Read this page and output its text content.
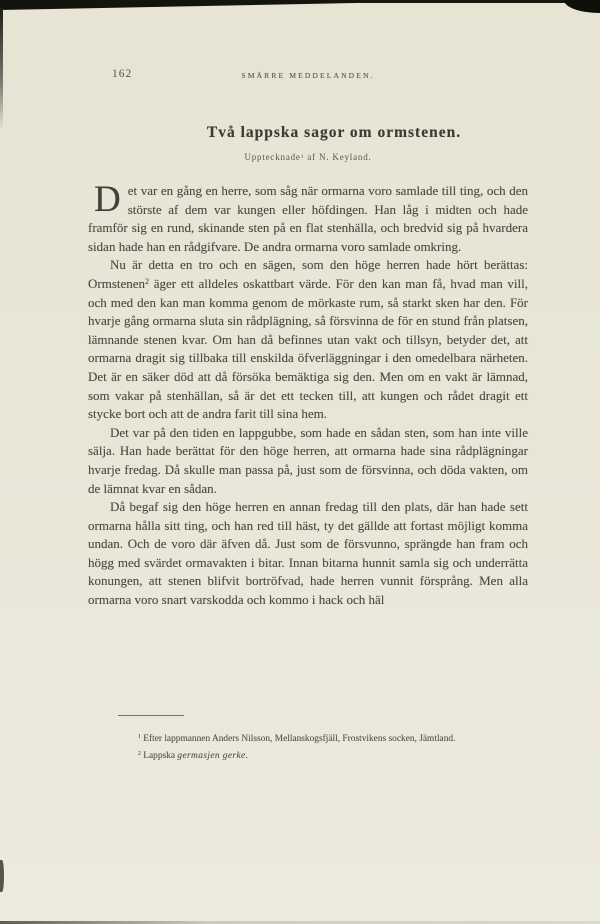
162	SMÄRRE MEDDELANDEN.
Två lappska sagor om ormstenen.
Upptecknade$^1$ af N. Keyland.

Det var en gång en herre, som såg när ormarna voro samlade till ting, och den störste af dem var kungen eller höfdingen. Han låg i midten och hade framför sig en rund, skinande sten på en flat stenhälla, och bredvid sig på hvardera sidan hade han en rådgifvare. De andra ormarna voro samlade omkring.

Nu är detta en tro och en sägen, som den höge herren hade hört berättas: Ormstenen$^2$ äger ett alldeles oskattbart värde. För den kan man få, hvad man vill, och med den kan man komma genom de mörkaste rum, så starkt sken har den. För hvarje gång ormarna sluta sin rådplägning, så försvinna de för en stund från platsen, lämnande stenen kvar. Om han då befinnes utan vakt och tillsyn, betyder det, att ormarna dragit sig tillbaka till enskilda öfverläggningar i den omedelbara närheten. Det är en säker död att då försöka bemäktiga sig den. Men om en vakt är lämnad, som vakar på stenhällan, så är det ett tecken till, att kungen och rådet dragit ett stycke bort och att de andra farit till sina hem.

Det var på den tiden en lappgubbe, som hade en sådan sten, som han inte ville sälja. Han hade berättat för den höge herren, att ormarna hade sina rådplägningar hvarje fredag. Då skulle man passa på, just som de försvinna, och döda vakten, om de lämnat kvar en sådan.

Då begaf sig den höge herren en annan fredag till den plats, där han hade sett ormarna hålla sitt ting, och han red till häst, ty det gällde att fortast möjligt komma undan. Och de voro där äfven då. Just som de försvunno, sprängde han fram och högg med svärdet ormavakten i bitar. Innan bitarna hunnit samla sig och underrätta konungen, att stenen blifvit bortröfvad, hade herren vunnit försprång. Men alla ormarna voro snart varskodda och kommo i hack och häl

$^1$ Efter lappmannen Anders Nilsson, Mellanskogsfjäll, Frostvikens socken, Jämtland.
$^2$ Lappska germasjen gerke.
